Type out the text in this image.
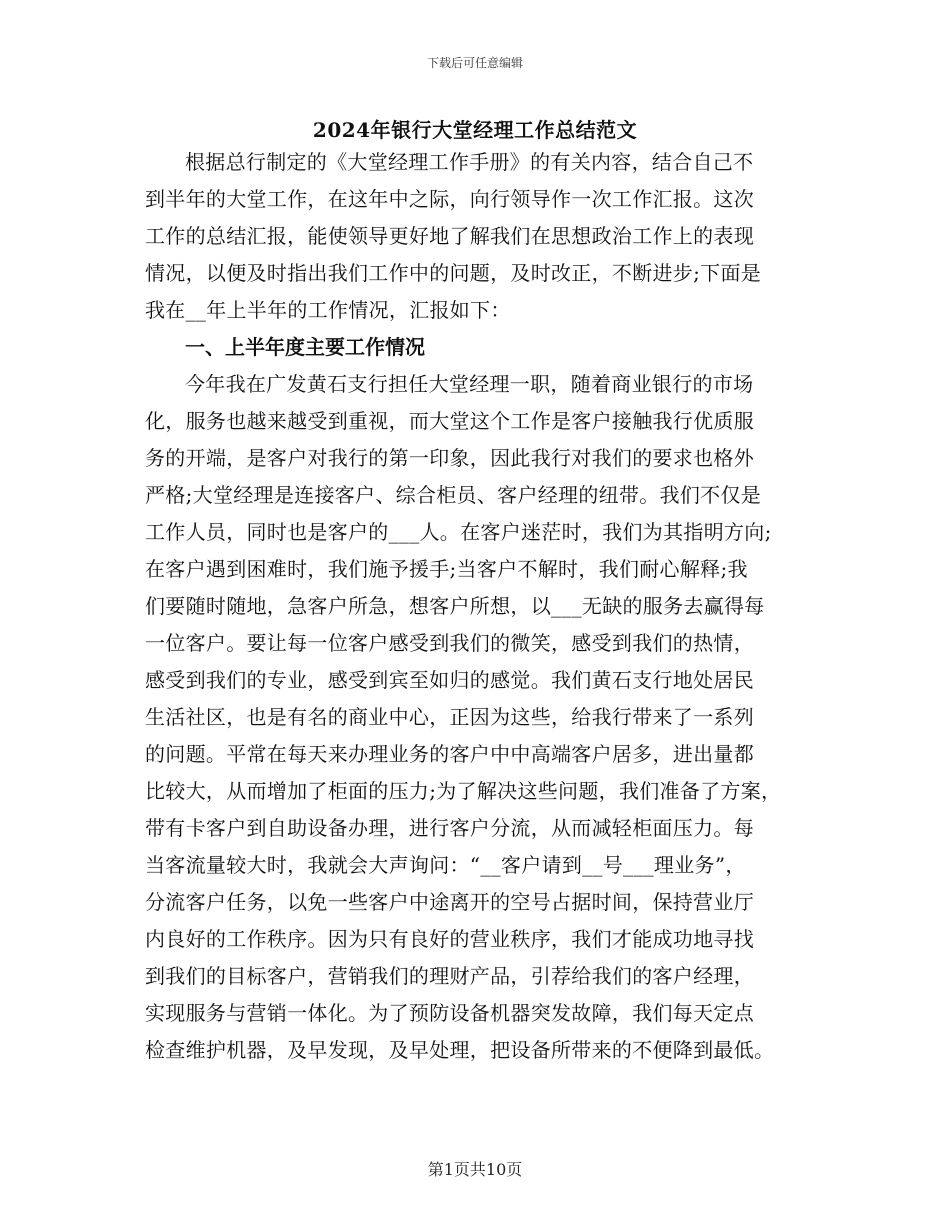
下载后可任意编辑
2024年银行大堂经理工作总结范文
根据总行制定的《大堂经理工作手册》的有关内容，结合自己不
到半年的大堂工作，在这年中之际，向行领导作一次工作汇报。这次
工作的总结汇报，能使领导更好地了解我们在思想政治工作上的表现
情况，以便及时指出我们工作中的问题，及时改正，不断进步;下面是
我在__年上半年的工作情况，汇报如下：
一、上半年度主要工作情况
今年我在广发黄石支行担任大堂经理一职，随着商业银行的市场
化，服务也越来越受到重视，而大堂这个工作是客户接触我行优质服
务的开端，是客户对我行的第一印象，因此我行对我们的要求也格外
严格;大堂经理是连接客户、综合柜员、客户经理的纽带。我们不仅是
工作人员，同时也是客户的___人。在客户迷茫时，我们为其指明方向;
在客户遇到困难时，我们施予援手;当客户不解时，我们耐心解释;我
们要随时随地，急客户所急，想客户所想，以___无缺的服务去赢得每
一位客户。要让每一位客户感受到我们的微笑，感受到我们的热情，
感受到我们的专业，感受到宾至如归的感觉。我们黄石支行地处居民
生活社区，也是有名的商业中心，正因为这些，给我行带来了一系列
的问题。平常在每天来办理业务的客户中中高端客户居多，进出量都
比较大，从而增加了柜面的压力;为了解决这些问题，我们准备了方案，
带有卡客户到自助设备办理，进行客户分流，从而减轻柜面压力。每
当客流量较大时，我就会大声询问：“__客户请到__号___理业务”，
分流客户任务，以免一些客户中途离开的空号占据时间，保持营业厅
内良好的工作秩序。因为只有良好的营业秩序，我们才能成功地寻找
到我们的目标客户，营销我们的理财产品，引荐给我们的客户经理，
实现服务与营销一体化。为了预防设备机器突发故障，我们每天定点
检查维护机器，及早发现，及早处理，把设备所带来的不便降到最低。
第1页共10页
